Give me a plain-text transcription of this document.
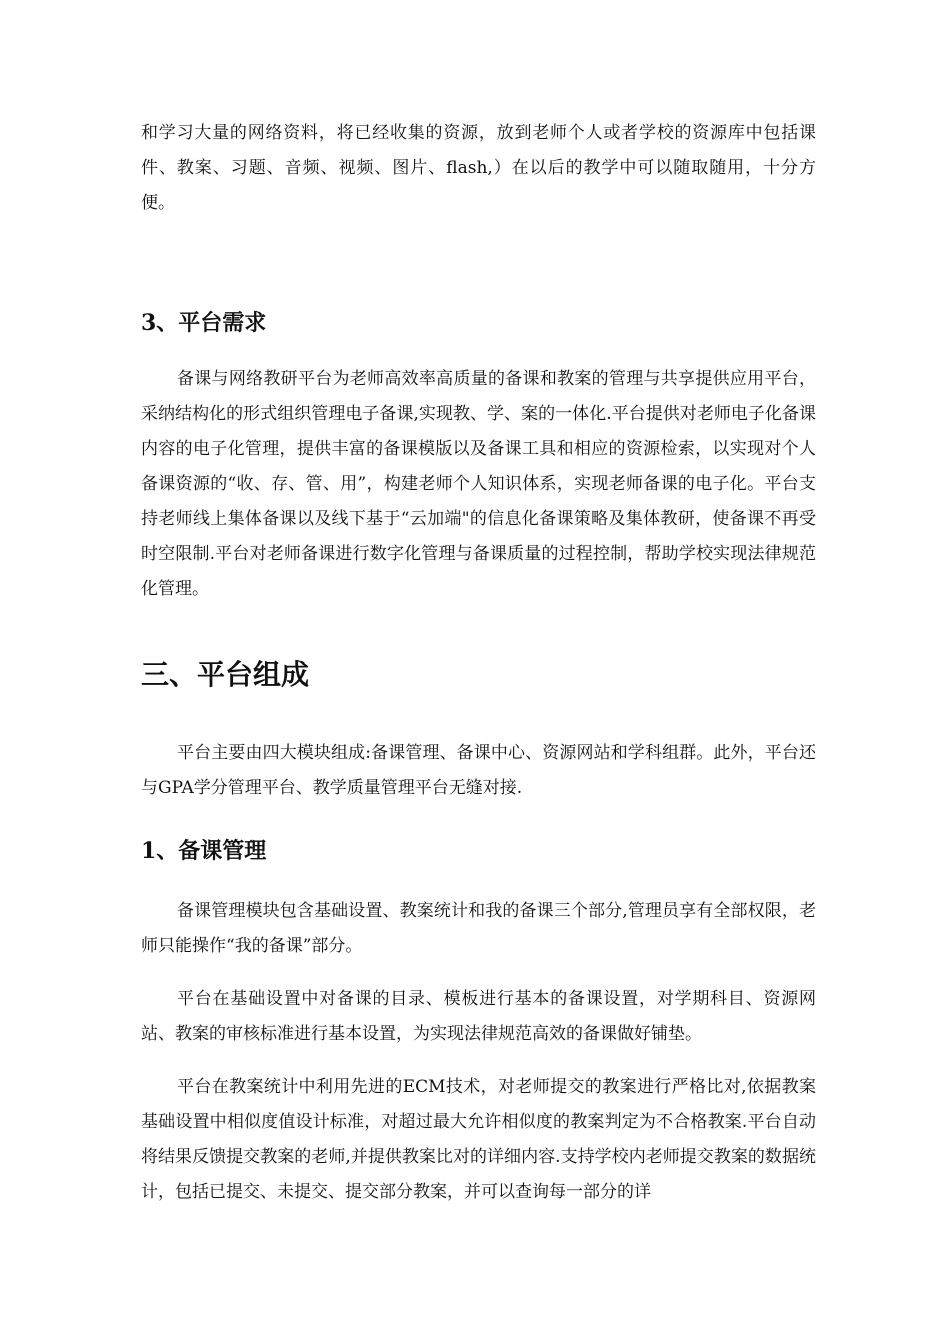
和学习大量的网络资料，将已经收集的资源，放到老师个人或者学校的资源库中包括课件、教案、习题、音频、视频、图片、flash,）在以后的教学中可以随取随用，十分方便。

3、平台需求

备课与网络教研平台为老师高效率高质量的备课和教案的管理与共享提供应用平台，采纳结构化的形式组织管理电子备课,实现教、学、案的一体化.平台提供对老师电子化备课内容的电子化管理，提供丰富的备课模版以及备课工具和相应的资源检索，以实现对个人备课资源的“收、存、管、用”，构建老师个人知识体系，实现老师备课的电子化。平台支持老师线上集体备课以及线下基于“云加端"的信息化备课策略及集体教研，使备课不再受时空限制.平台对老师备课进行数字化管理与备课质量的过程控制，帮助学校实现法律规范化管理。

三、平台组成

平台主要由四大模块组成:备课管理、备课中心、资源网站和学科组群。此外，平台还与GPA学分管理平台、教学质量管理平台无缝对接.

1、备课管理

备课管理模块包含基础设置、教案统计和我的备课三个部分,管理员享有全部权限，老师只能操作“我的备课”部分。

平台在基础设置中对备课的目录、模板进行基本的备课设置，对学期科目、资源网站、教案的审核标准进行基本设置，为实现法律规范高效的备课做好铺垫。

平台在教案统计中利用先进的ECM技术，对老师提交的教案进行严格比对,依据教案基础设置中相似度值设计标准，对超过最大允许相似度的教案判定为不合格教案.平台自动将结果反馈提交教案的老师,并提供教案比对的详细内容.支持学校内老师提交教案的数据统计，包括已提交、未提交、提交部分教案，并可以查询每一部分的详
